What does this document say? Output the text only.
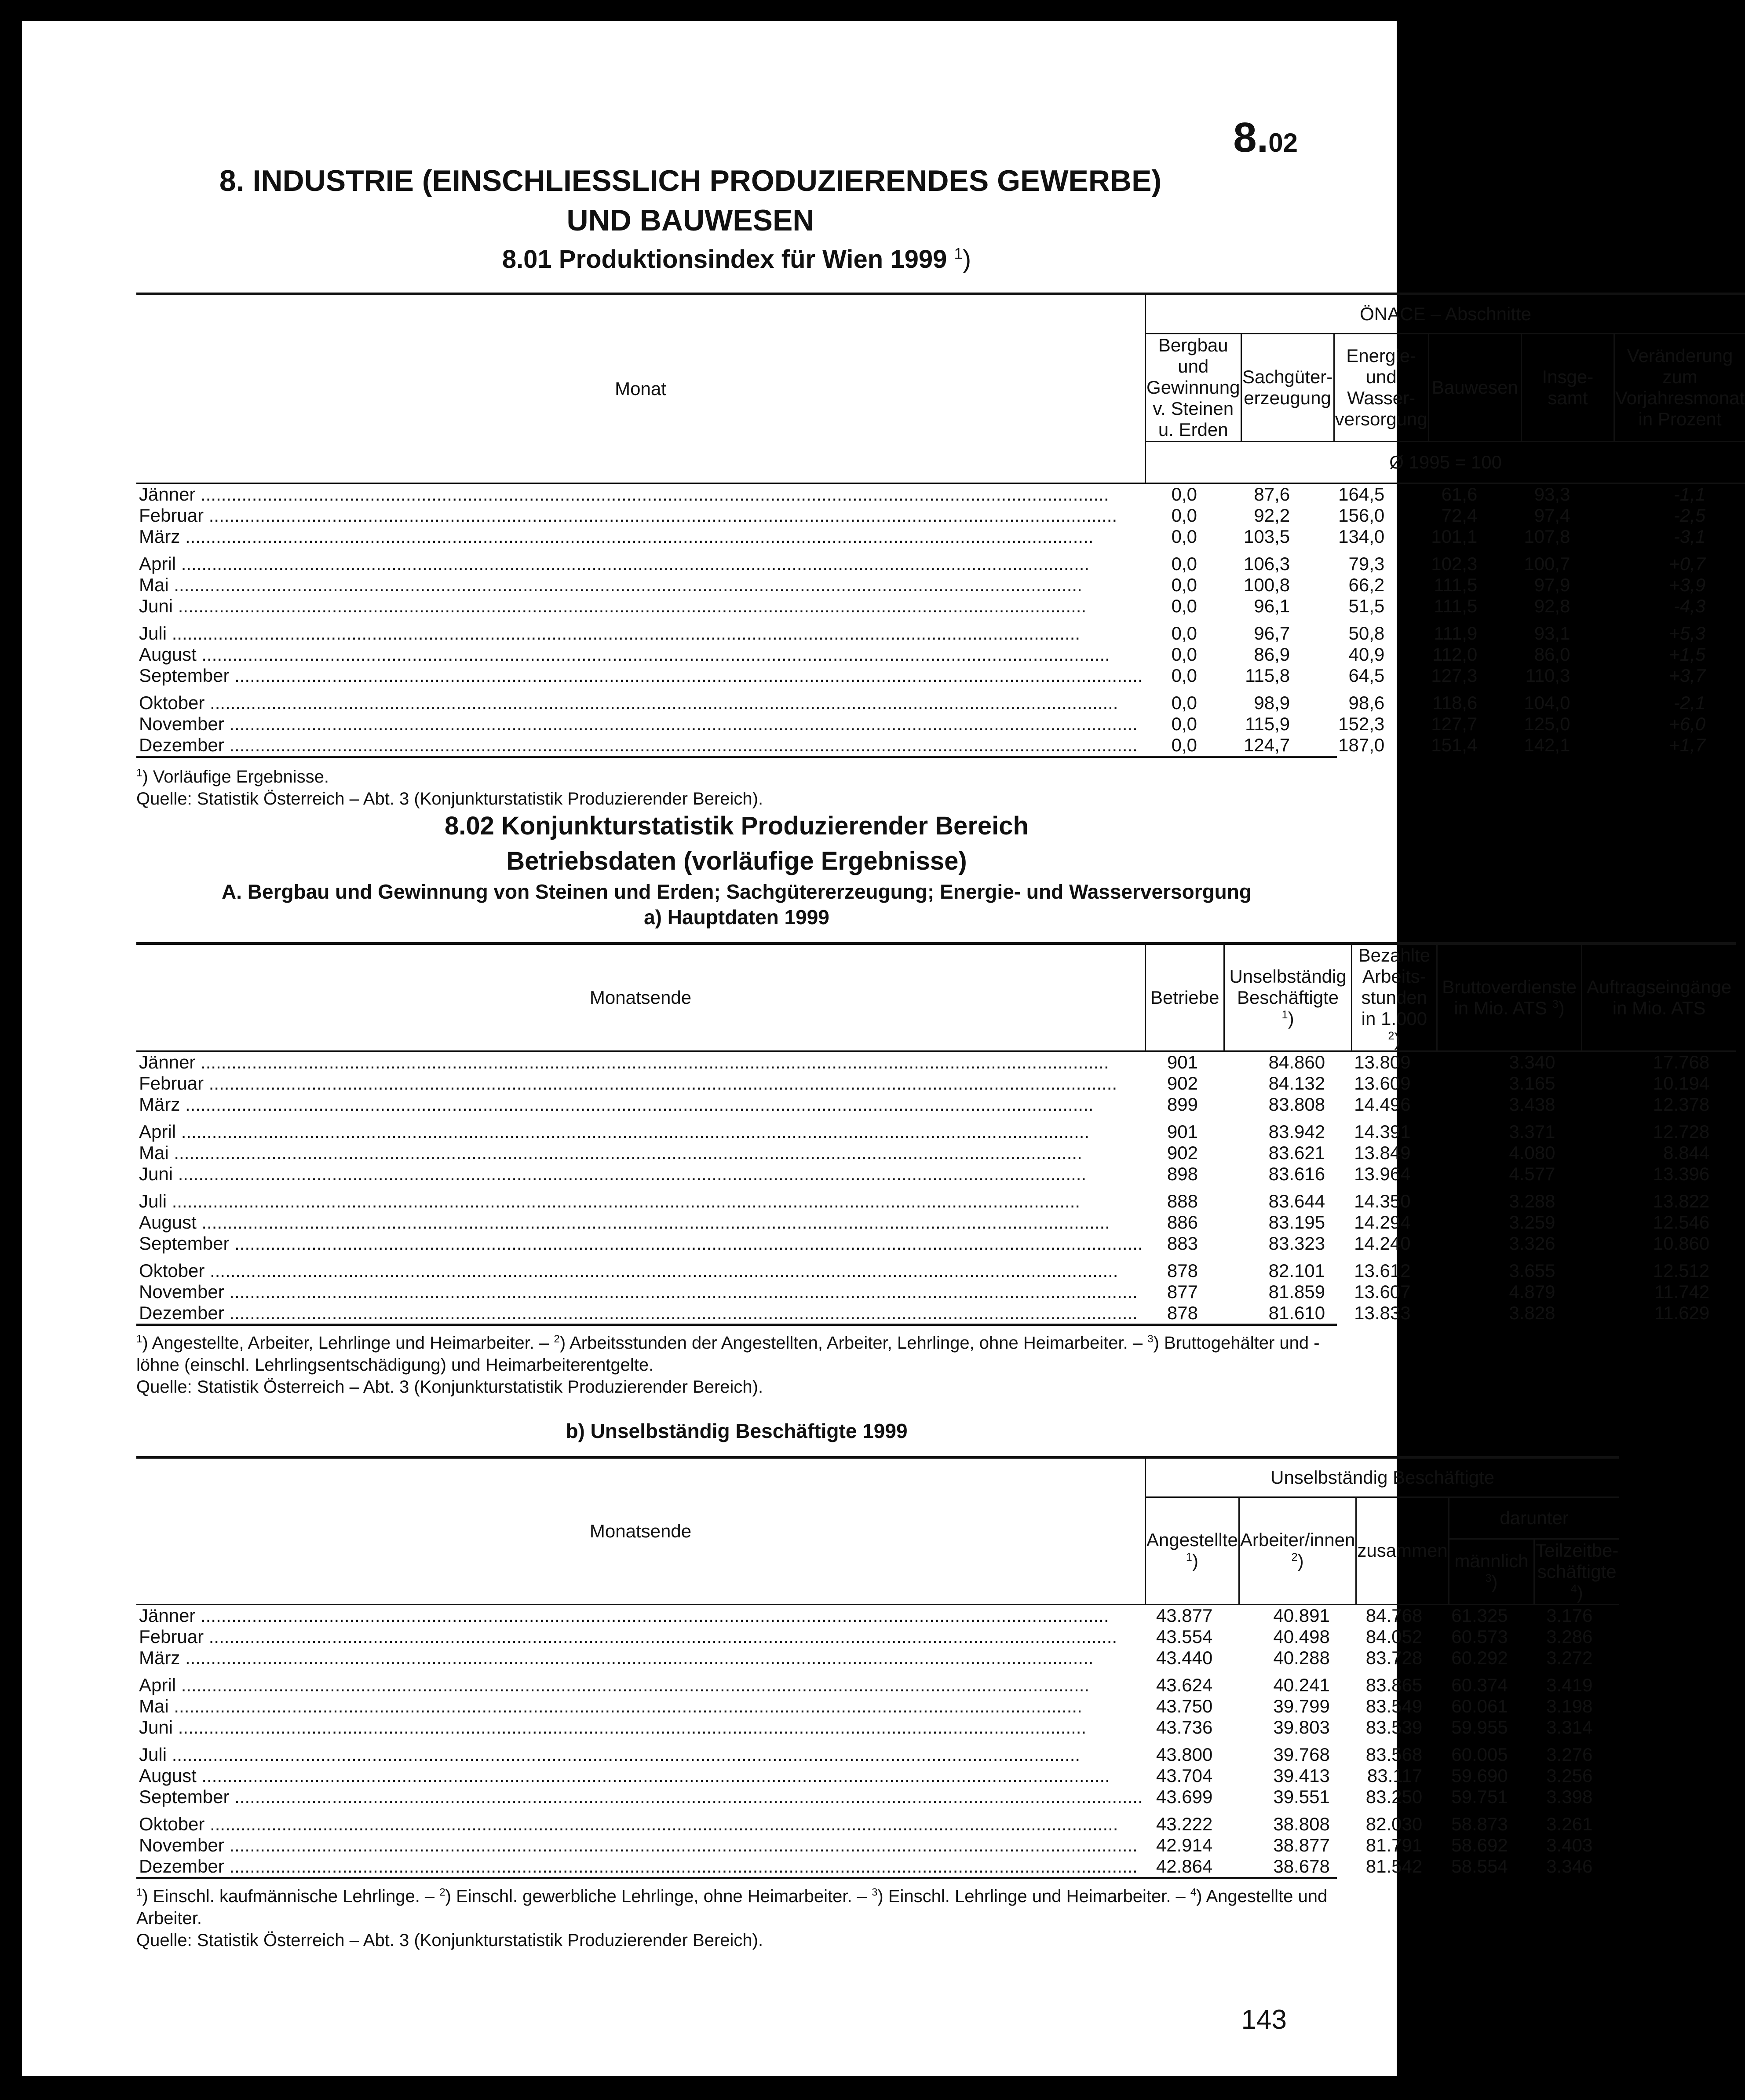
8.02
8. INDUSTRIE (EINSCHLIESSLICH PRODUZIERENDES GEWERBE)
UND BAUWESEN
8.01 Produktionsindex für Wien 1999 $^1$)
Monat	ÖNACE – Abschnitte					
	Bergbau und Gewinnung v. Steinen u. Erden	Sachgüter- erzeugung	Energie- und Wasser- versorgung	Bauwesen	Insge- samt	Veränderung zum Vorjahresmonat in Prozent
	Ø 1995 = 100					
Jänner .....	0,0	87,6	164,5	61,6	93,3	-1,1
Februar .....	0,0	92,2	156,0	72,4	97,4	-2,5
März .....	0,0	103,5	134,0	101,1	107,8	-3,1

April .....	0,0	106,3	79,3	102,3	100,7	+0,7
Mai .....	0,0	100,8	66,2	111,5	97,9	+3,9
Juni .....	0,0	96,1	51,5	111,5	92,8	-4,3

Juli .....	0,0	96,7	50,8	111,9	93,1	+5,3
August .....	0,0	86,9	40,9	112,0	86,0	+1,5
September .....	0,0	115,8	64,5	127,3	110,3	+3,7

Oktober .....	0,0	98,9	98,6	118,6	104,0	-2,1
November .....	0,0	115,9	152,3	127,7	125,0	+6,0
Dezember .....	0,0	124,7	187,0	151,4	142,1	+1,7
$^1$) Vorläufige Ergebnisse.
Quelle: Statistik Österreich – Abt. 3 (Konjunkturstatistik Produzierender Bereich).
8.02 Konjunkturstatistik Produzierender Bereich
Betriebsdaten (vorläufige Ergebnisse)
A. Bergbau und Gewinnung von Steinen und Erden; Sachgütererzeugung; Energie- und Wasserversorgung
a) Hauptdaten 1999
Monatsende	Betriebe	Unselbständig Beschäftigte $^1$)	Bezahlte Arbeits- stunden in 1.000 $^2$)	Bruttoverdienste in Mio. ATS $^3$)	Auftragseingänge in Mio. ATS
Jänner .....	901	84.860	13.809	3.340	17.768
Februar .....	902	84.132	13.609	3.165	10.194
März .....	899	83.808	14.496	3.438	12.378

April .....	901	83.942	14.391	3.371	12.728
Mai .....	902	83.621	13.849	4.080	8.844
Juni .....	898	83.616	13.964	4.577	13.396

Juli .....	888	83.644	14.350	3.288	13.822
August .....	886	83.195	14.294	3.259	12.546
September .....	883	83.323	14.240	3.326	10.860

Oktober .....	878	82.101	13.612	3.655	12.512
November .....	877	81.859	13.607	4.879	11.742
Dezember .....	878	81.610	13.833	3.828	11.629
$^1$) Angestellte, Arbeiter, Lehrlinge und Heimarbeiter. – $^2$) Arbeitsstunden der Angestellten, Arbeiter, Lehrlinge, ohne Heimarbeiter. – $^3$) Bruttogehälter und -löhne (einschl. Lehrlingsentschädigung) und Heimarbeiterentgelte.
Quelle: Statistik Österreich – Abt. 3 (Konjunkturstatistik Produzierender Bereich).
b) Unselbständig Beschäftigte 1999
Monatsende	Unselbständig Beschäftigte				
	Angestellte $^1$)	Arbeiter/innen $^2$)	zusammen	darunter	
				männlich $^3$)	Teilzeitbe- schäftigte $^4$)
Jänner .....	43.877	40.891	84.768	61.325	3.176
Februar .....	43.554	40.498	84.052	60.573	3.286
März .....	43.440	40.288	83.728	60.292	3.272

April .....	43.624	40.241	83.865	60.374	3.419
Mai .....	43.750	39.799	83.549	60.061	3.198
Juni .....	43.736	39.803	83.539	59.955	3.314

Juli .....	43.800	39.768	83.568	60.005	3.276
August .....	43.704	39.413	83.117	59.690	3.256
September .....	43.699	39.551	83.250	59.751	3.398

Oktober .....	43.222	38.808	82.030	58.873	3.261
November .....	42.914	38.877	81.791	58.692	3.403
Dezember .....	42.864	38.678	81.542	58.554	3.346
$^1$) Einschl. kaufmännische Lehrlinge. – $^2$) Einschl. gewerbliche Lehrlinge, ohne Heimarbeiter. – $^3$) Einschl. Lehrlinge und Heimarbeiter. – $^4$) Angestellte und Arbeiter.
Quelle: Statistik Österreich – Abt. 3 (Konjunkturstatistik Produzierender Bereich).
143
